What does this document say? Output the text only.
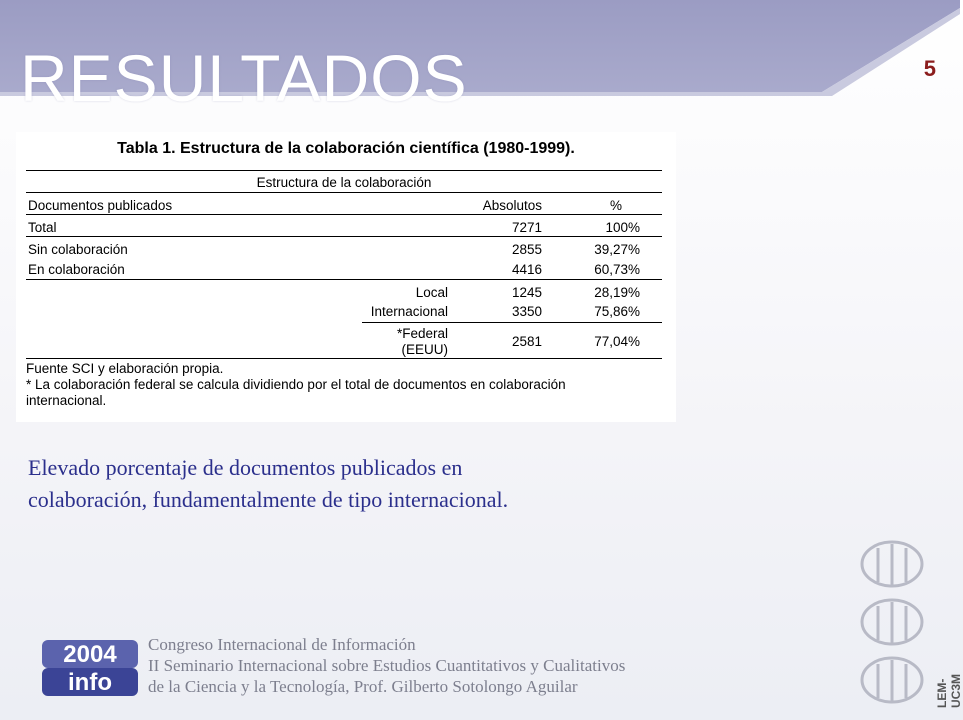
RESULTADOS	5
Tabla 1. Estructura de la colaboración científica (1980-1999).
Estructura de la colaboración
Documentos publicados	Absolutos	%
Total	7271	100%
Sin colaboración	2855	39,27%
En colaboración	4416	60,73%
Local	1245	28,19%
Internacional	3350	75,86%
*Federal
(EEUU)
2581	77,04%
Fuente SCI y elaboración propia.
* La colaboración federal se calcula dividiendo por el total de documentos en colaboración
internacional.

Elevado porcentaje de documentos publicados en
colaboración, fundamentalmente de tipo internacional.

2004
info
Congreso Internacional de Información
II Seminario Internacional sobre Estudios Cuantitativos y Cualitativos
de la Ciencia y la Tecnología, Prof. Gilberto Sotolongo Aguilar	LEM-UC3M
